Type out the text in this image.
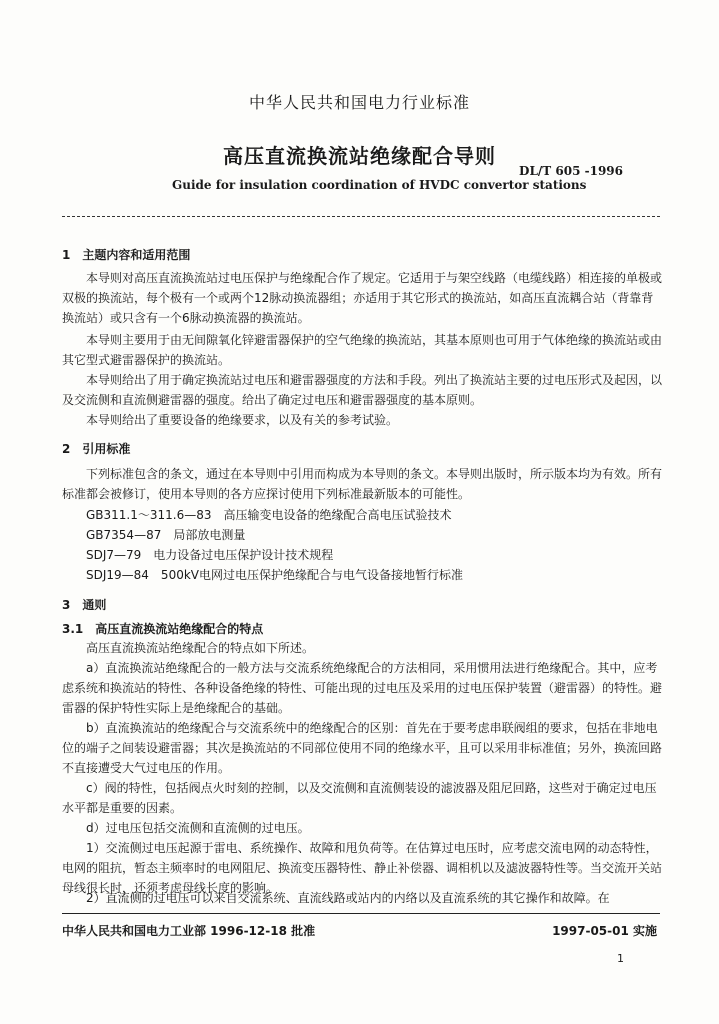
中华人民共和国电力行业标准
高压直流换流站绝缘配合导则
DL/T 605 -1996
Guide for insulation coordination of HVDC convertor stations
1　主题内容和适用范围
本导则对高压直流换流站过电压保护与绝缘配合作了规定。它适用于与架空线路（电缆线路）相连接的单极或双极的换流站，每个极有一个或两个12脉动换流器组；亦适用于其它形式的换流站，如高压直流耦合站（背靠背换流站）或只含有一个6脉动换流器的换流站。
本导则主要用于由无间隙氧化锌避雷器保护的空气绝缘的换流站，其基本原则也可用于气体绝缘的换流站或由其它型式避雷器保护的换流站。
本导则给出了用于确定换流站过电压和避雷器强度的方法和手段。列出了换流站主要的过电压形式及起因，以及交流侧和直流侧避雷器的强度。给出了确定过电压和避雷器强度的基本原则。
本导则给出了重要设备的绝缘要求，以及有关的参考试验。
2　引用标准
下列标准包含的条文，通过在本导则中引用而构成为本导则的条文。本导则出版时，所示版本均为有效。所有标准都会被修订，使用本导则的各方应探讨使用下列标准最新版本的可能性。
GB311.1～311.6—83　高压输变电设备的绝缘配合高电压试验技术
GB7354—87　局部放电测量
SDJ7—79　电力设备过电压保护设计技术规程
SDJ19—84　500kV电网过电压保护绝缘配合与电气设备接地暂行标准
3　通则
3.1　高压直流换流站绝缘配合的特点
高压直流换流站绝缘配合的特点如下所述。
a）直流换流站绝缘配合的一般方法与交流系统绝缘配合的方法相同，采用惯用法进行绝缘配合。其中，应考虑系统和换流站的特性、各种设备绝缘的特性、可能出现的过电压及采用的过电压保护装置（避雷器）的特性。避雷器的保护特性实际上是绝缘配合的基础。
b）直流换流站的绝缘配合与交流系统中的绝缘配合的区别：首先在于要考虑串联阀组的要求，包括在非地电位的端子之间装设避雷器；其次是换流站的不同部位使用不同的绝缘水平，且可以采用非标准值；另外，换流回路不直接遭受大气过电压的作用。
c）阀的特性，包括阀点火时刻的控制，以及交流侧和直流侧装设的滤波器及阻尼回路，这些对于确定过电压水平都是重要的因素。
d）过电压包括交流侧和直流侧的过电压。
1）交流侧过电压起源于雷电、系统操作、故障和甩负荷等。在估算过电压时，应考虑交流电网的动态特性，电网的阻抗，暂态主频率时的电网阻尼、换流变压器特性、静止补偿器、调相机以及滤波器特性等。当交流开关站母线很长时，还须考虑母线长度的影响。
2）直流侧的过电压可以来自交流系统、直流线路或站内的内络以及直流系统的其它操作和故障。在
中华人民共和国电力工业部 1996-12-18 批准	1997-05-01 实施
1
